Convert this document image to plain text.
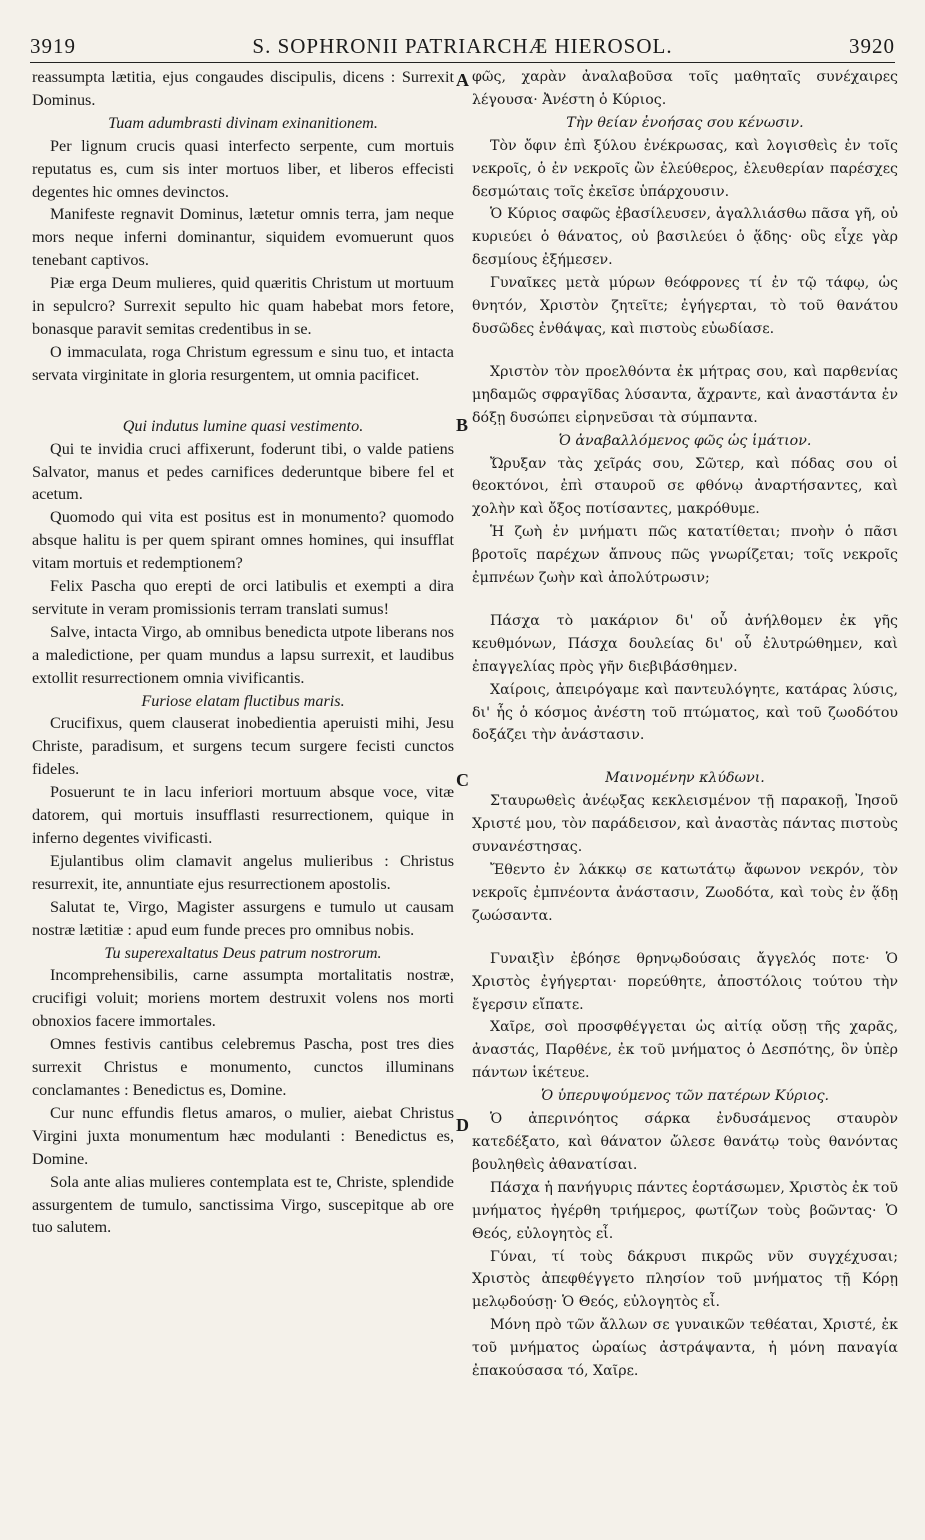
3919	S. SOPHRONII PATRIARCHÆ HIEROSOL.	3920
A
B
C
D

reassumpta lætitia, ejus congaudes discipulis, dicens : Surrexit Dominus.

Tuam adumbrasti divinam exinanitionem.

Per lignum crucis quasi interfecto serpente, cum mortuis reputatus es, cum sis inter mortuos liber, et liberos effecisti degentes hic omnes devinctos.

Manifeste regnavit Dominus, lætetur omnis terra, jam neque mors neque inferni dominantur, siquidem evomuerunt quos tenebant captivos.

Piæ erga Deum mulieres, quid quæritis Christum ut mortuum in sepulcro? Surrexit sepulto hic quam habebat mors fetore, bonasque paravit semitas credentibus in se.

O immaculata, roga Christum egressum e sinu tuo, et intacta servata virginitate in gloria resurgentem, ut omnia pacificet.

Qui indutus lumine quasi vestimento.

Qui te invidia cruci affixerunt, foderunt tibi, o valde patiens Salvator, manus et pedes carnifices dederuntque bibere fel et acetum.

Quomodo qui vita est positus est in monumento? quomodo absque halitu is per quem spirant omnes homines, qui insufflat vitam mortuis et redemptionem?

Felix Pascha quo erepti de orci latibulis et exempti a dira servitute in veram promissionis terram translati sumus!

Salve, intacta Virgo, ab omnibus benedicta utpote liberans nos a maledictione, per quam mundus a lapsu surrexit, et laudibus extollit resurrectionem omnia vivificantis.

Furiose elatam fluctibus maris.

Crucifixus, quem clauserat inobedientia aperuisti mihi, Jesu Christe, paradisum, et surgens tecum surgere fecisti cunctos fideles.

Posuerunt te in lacu inferiori mortuum absque voce, vitæ datorem, qui mortuis insufflasti resurrectionem, quique in inferno degentes vivificasti.

Ejulantibus olim clamavit angelus mulieribus : Christus resurrexit, ite, annuntiate ejus resurrectionem apostolis.

Salutat te, Virgo, Magister assurgens e tumulo ut causam nostræ lætitiæ : apud eum funde preces pro omnibus nobis.

Tu superexaltatus Deus patrum nostrorum.

Incomprehensibilis, carne assumpta mortalitatis nostræ, crucifigi voluit; moriens mortem destruxit volens nos morti obnoxios facere immortales.

Omnes festivis cantibus celebremus Pascha, post tres dies surrexit Christus e monumento, cunctos illuminans conclamantes : Benedictus es, Domine.

Cur nunc effundis fletus amaros, o mulier, aiebat Christus Virgini juxta monumentum hæc modulanti : Benedictus es, Domine.

Sola ante alias mulieres contemplata est te, Christe, splendide assurgentem de tumulo, sanctissima Virgo, suscepitque ab ore tuo salutem.

φῶς, χαρὰν ἀναλαβοῦσα τοῖς μαθηταῖς συνέχαιρες λέγουσα· Ἀνέστη ὁ Κύριος.

Τὴν θείαν ἐνοήσας σου κένωσιν.

Τὸν ὄφιν ἐπὶ ξύλου ἐνέκρωσας, καὶ λογισθεὶς ἐν τοῖς νεκροῖς, ὁ ἐν νεκροῖς ὢν ἐλεύθερος, ἐλευθερίαν παρέσχες δεσμώταις τοῖς ἐκεῖσε ὑπάρχουσιν.

Ὁ Κύριος σαφῶς ἐβασίλευσεν, ἀγαλλιάσθω πᾶσα γῆ, οὐ κυριεύει ὁ θάνατος, οὐ βασιλεύει ὁ ᾅδης· οὓς εἶχε γὰρ δεσμίους ἐξήμεσεν.

Γυναῖκες μετὰ μύρων θεόφρονες τί ἐν τῷ τάφῳ, ὡς θνητόν, Χριστὸν ζητεῖτε; ἐγήγερται, τὸ τοῦ θανάτου δυσῶδες ἐνθάψας, καὶ πιστοὺς εὐωδίασε.

Χριστὸν τὸν προελθόντα ἐκ μήτρας σου, καὶ παρθενίας μηδαμῶς σφραγῖδας λύσαντα, ἄχραντε, καὶ ἀναστάντα ἐν δόξῃ δυσώπει εἰρηνεῦσαι τὰ σύμπαντα.

Ὁ ἀναβαλλόμενος φῶς ὡς ἱμάτιον.

Ὤρυξαν τὰς χεῖράς σου, Σῶτερ, καὶ πόδας σου οἱ θεοκτόνοι, ἐπὶ σταυροῦ σε φθόνῳ ἀναρτήσαντες, καὶ χολὴν καὶ ὄξος ποτίσαντες, μακρόθυμε.

Ἡ ζωὴ ἐν μνήματι πῶς κατατίθεται; πνοὴν ὁ πᾶσι βροτοῖς παρέχων ἄπνους πῶς γνωρίζεται; τοῖς νεκροῖς ἐμπνέων ζωὴν καὶ ἀπολύτρωσιν;

Πάσχα τὸ μακάριον δι' οὗ ἀνήλθομεν ἐκ γῆς κευθμόνων, Πάσχα δουλείας δι' οὗ ἐλυτρώθημεν, καὶ ἐπαγγελίας πρὸς γῆν διεβιβάσθημεν.

Χαίροις, ἀπειρόγαμε καὶ παντευλόγητε, κατάρας λύσις, δι' ἧς ὁ κόσμος ἀνέστη τοῦ πτώματος, καὶ τοῦ ζωοδότου δοξάζει τὴν ἀνάστασιν.

Μαινομένην κλύδωνι.

Σταυρωθεὶς ἀνέῳξας κεκλεισμένον τῇ παρακοῇ, Ἰησοῦ Χριστέ μου, τὸν παράδεισον, καὶ ἀναστὰς πάντας πιστοὺς συνανέστησας.

Ἔθεντο ἐν λάκκῳ σε κατωτάτῳ ἄφωνον νεκρόν, τὸν νεκροῖς ἐμπνέοντα ἀνάστασιν, Ζωοδότα, καὶ τοὺς ἐν ᾅδῃ ζωώσαντα.

Γυναιξὶν ἐβόησε θρηνῳδούσαις ἄγγελός ποτε· Ὁ Χριστὸς ἐγήγερται· πορεύθητε, ἀποστόλοις τούτου τὴν ἔγερσιν εἴπατε.

Χαῖρε, σοὶ προσφθέγγεται ὡς αἰτίᾳ οὔσῃ τῆς χαρᾶς, ἀναστάς, Παρθένε, ἐκ τοῦ μνήματος ὁ Δεσπότης, ὃν ὑπὲρ πάντων ἱκέτευε.

Ὁ ὑπερυψούμενος τῶν πατέρων Κύριος.

Ὁ ἀπερινόητος σάρκα ἐνδυσάμενος σταυρὸν κατεδέξατο, καὶ θάνατον ὤλεσε θανάτῳ τοὺς θανόντας βουληθεὶς ἀθανατίσαι.

Πάσχα ἡ πανήγυρις πάντες ἑορτάσωμεν, Χριστὸς ἐκ τοῦ μνήματος ἠγέρθη τριήμερος, φωτίζων τοὺς βοῶντας· Ὁ Θεός, εὐλογητὸς εἶ.

Γύναι, τί τοὺς δάκρυσι πικρῶς νῦν συγχέχυσαι; Χριστὸς ἀπεφθέγγετο πλησίον τοῦ μνήματος τῇ Κόρῃ μελῳδούσῃ· Ὁ Θεός, εὐλογητὸς εἶ.

Μόνη πρὸ τῶν ἄλλων σε γυναικῶν τεθέαται, Χριστέ, ἐκ τοῦ μνήματος ὡραίως ἀστράψαντα, ἡ μόνη παναγία ἐπακούσασα τό, Χαῖρε.
